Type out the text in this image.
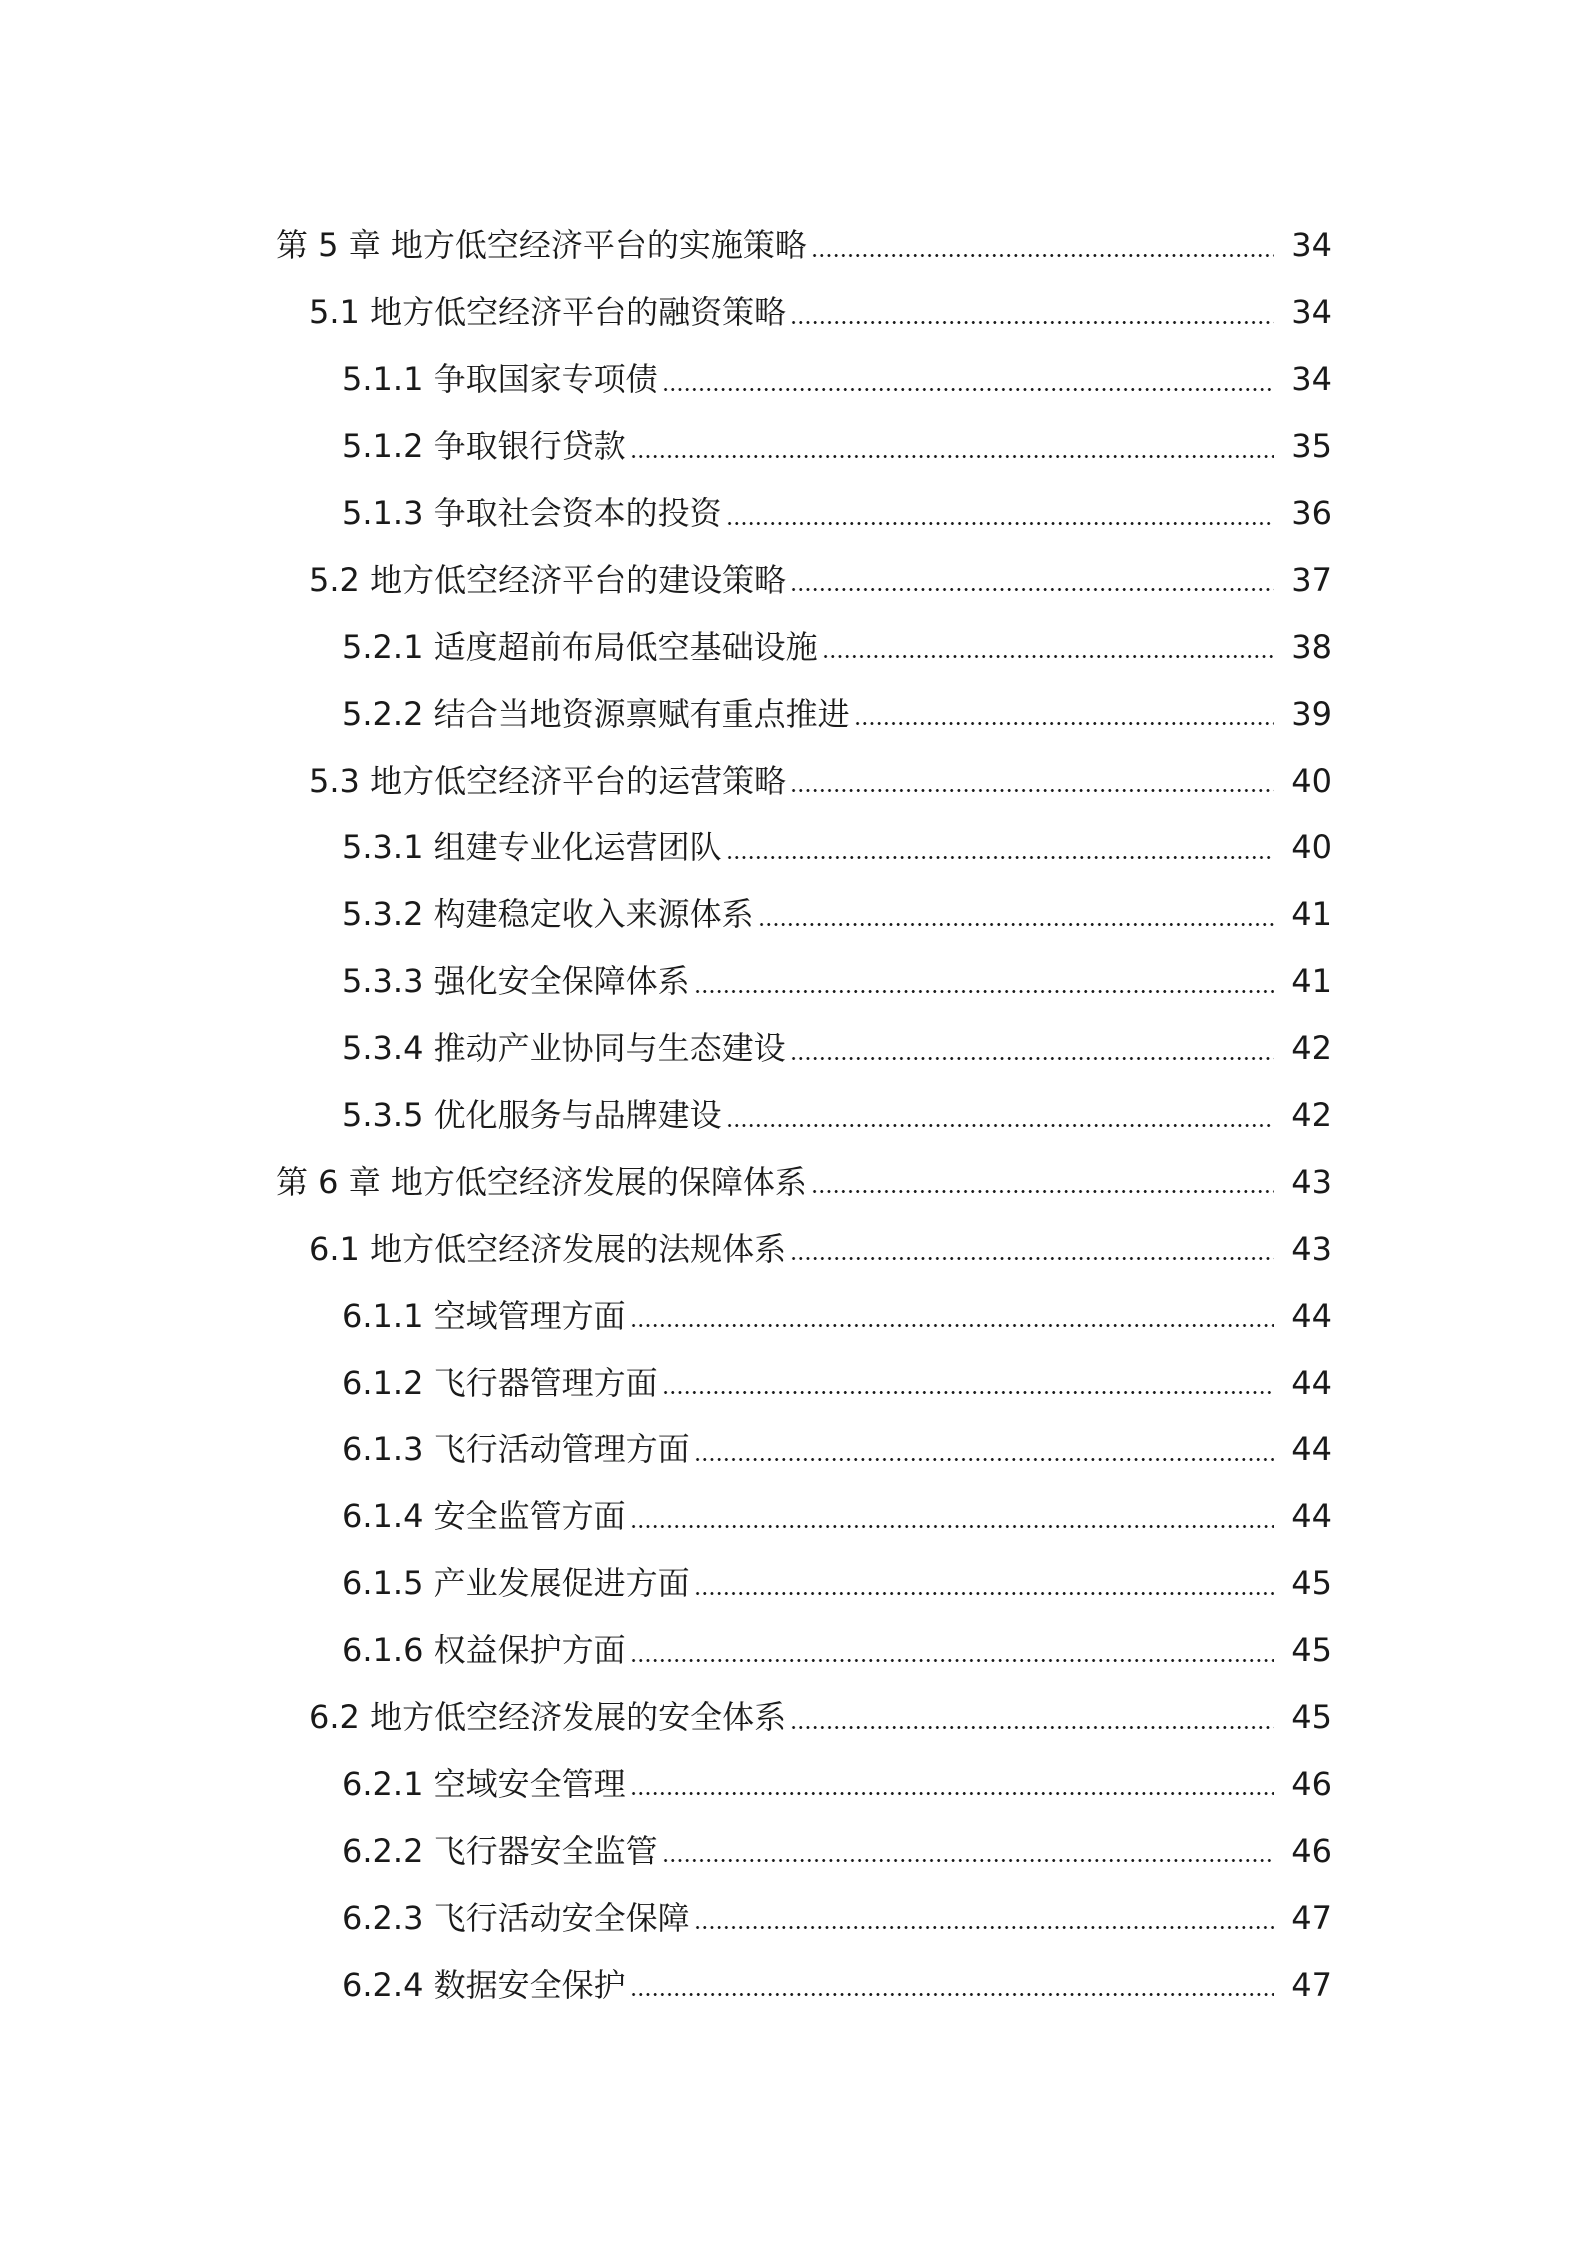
第 5 章 地方低空经济平台的实施策略	34
5.1 地方低空经济平台的融资策略	34
5.1.1 争取国家专项债	34
5.1.2 争取银行贷款	35
5.1.3 争取社会资本的投资	36
5.2 地方低空经济平台的建设策略	37
5.2.1 适度超前布局低空基础设施	38
5.2.2 结合当地资源禀赋有重点推进	39
5.3 地方低空经济平台的运营策略	40
5.3.1 组建专业化运营团队	40
5.3.2 构建稳定收入来源体系	41
5.3.3 强化安全保障体系	41
5.3.4 推动产业协同与生态建设	42
5.3.5 优化服务与品牌建设	42
第 6 章 地方低空经济发展的保障体系	43
6.1 地方低空经济发展的法规体系	43
6.1.1 空域管理方面	44
6.1.2 飞行器管理方面	44
6.1.3 飞行活动管理方面	44
6.1.4 安全监管方面	44
6.1.5 产业发展促进方面	45
6.1.6 权益保护方面	45
6.2 地方低空经济发展的安全体系	45
6.2.1 空域安全管理	46
6.2.2 飞行器安全监管	46
6.2.3 飞行活动安全保障	47
6.2.4 数据安全保护	47
